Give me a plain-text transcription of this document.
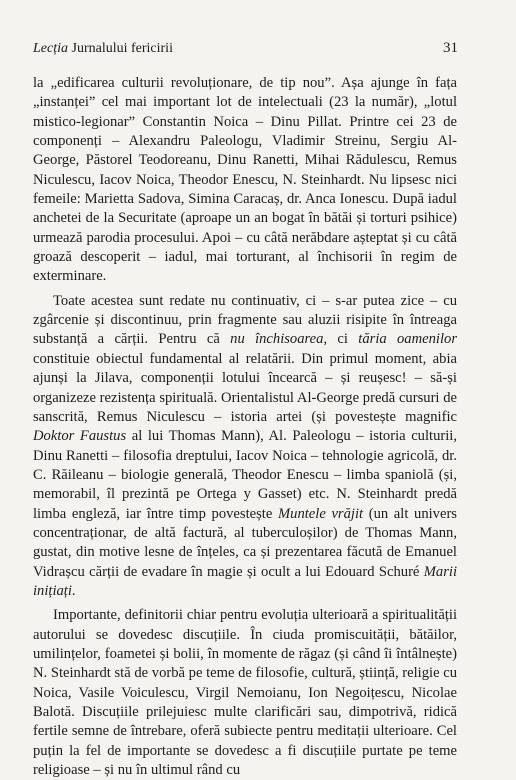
Lecția Jurnalului fericirii	31

la „edificarea culturii revoluționare, de tip nou”. Așa ajunge în fața „instanței” cel mai important lot de intelectuali (23 la număr), „lotul mistico-legionar” Constantin Noica – Dinu Pillat. Printre cei 23 de componenți – Alexandru Paleologu, Vladimir Streinu, Sergiu Al-George, Păstorel Teodoreanu, Dinu Ranetti, Mihai Rădulescu, Remus Niculescu, Iacov Noica, Theodor Enescu, N. Steinhardt. Nu lipsesc nici femeile: Marietta Sadova, Simina Caracaș, dr. Anca Ionescu. După iadul anchetei de la Securitate (aproape un an bogat în bătăi și torturi psihice) urmează parodia procesului. Apoi – cu câtă nerăbdare așteptat și cu câtă groază descoperit – iadul, mai torturant, al închisorii în regim de exterminare.

Toate acestea sunt redate nu continuativ, ci – s-ar putea zice – cu zgârcenie și discontinuu, prin fragmente sau aluzii risipite în întreaga substanță a cărții. Pentru că nu închisoarea, ci tăria oamenilor constituie obiectul fundamental al relatării. Din primul moment, abia ajunși la Jilava, componenții lotului încearcă – și reușesc! – să-și organizeze rezistența spirituală. Orientalistul Al-George predă cursuri de sanscrită, Remus Niculescu – istoria artei (și povestește magnific Doktor Faustus al lui Thomas Mann), Al. Paleologu – istoria culturii, Dinu Ranetti – filosofia dreptului, Iacov Noica – tehnologie agricolă, dr. C. Răileanu – biologie generală, Theodor Enescu – limba spaniolă (și, memorabil, îl prezintă pe Ortega y Gasset) etc. N. Steinhardt predă limba engleză, iar între timp povestește Muntele vrăjit (un alt univers concentraționar, de altă factură, al tuberculoșilor) de Thomas Mann, gustat, din motive lesne de înțeles, ca și prezentarea făcută de Emanuel Vidrașcu cărții de evadare în magie și ocult a lui Edouard Schuré Marii inițiați.

Importante, definitorii chiar pentru evoluția ulterioară a spiritualității autorului se dovedesc discuțiile. În ciuda promiscuității, bătăilor, umilințelor, foametei și bolii, în momente de răgaz (și când îi întâlnește) N. Steinhardt stă de vorbă pe teme de filosofie, cultură, știință, religie cu Noica, Vasile Voiculescu, Virgil Nemoianu, Ion Negoițescu, Nicolae Balotă. Discuțiile prilejuiesc multe clarificări sau, dimpotrivă, ridică fertile semne de întrebare, oferă subiecte pentru meditații ulterioare. Cel puțin la fel de importante se dovedesc a fi discuțiile purtate pe teme religioase – și nu în ultimul rând cu
